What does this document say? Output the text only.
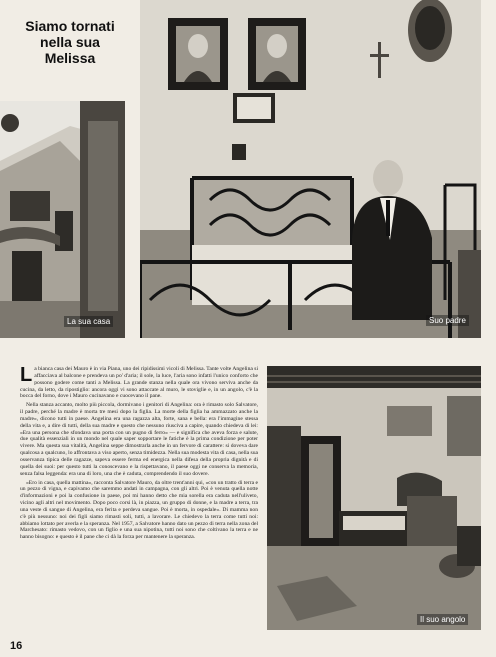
Siamo tornati
nella sua
Melissa
La sua casa	Suo padre
Il suo angolo

La bianca casa dei Mauro è in via Piana, uno dei ripidissimi vicoli di Melissa. Tante volte Angelina si affacciava al balcone e prendeva un po' d'aria; il sole, la luce, l'aria sono infatti l'unico conforto che possono godere come tanti a Melissa. La grande stanza nella quale ora vivono serviva anche da cucina, da letto, da ripostiglio: ancora oggi vi sono attaccate al muro, le stoviglie e, in un angolo, c'è la bocca del forno, dove i Mauro cucinavano e cuocevano il pane.

Nella stanza accanto, molto più piccola, dormivano i genitori di Angelina: ora è rimasto solo Salvatore, il padre, perché la madre è morta tre mesi dopo la figlia. La morte della figlia ha ammazzato anche la madre», dicono tutti in paese. Angelina era una ragazza alta, forte, sana e bella: era l'immagine stessa della vita e, a dire di tutti, della sua madre e questo che nessuno riusciva a capire, quando chiedeva di lei: «Era una persona che sfondava una porta con un pugno di ferro» — e significa che aveva forza e salute, due qualità essenziali in un mondo nel quale saper sopportare le fatiche è la prima condizione per poter vivere. Ma questa sua vitalità, Angelina seppe dimostrarla anche in un fervore di carattere: si doveva dare qualcosa a qualcuno, lo affrontava a viso aperto, senza timidezza. Nella sua modesta vita di casa, nella sua osservanza tipica delle ragazze, sapeva essere ferma ed energica nella difesa della propria dignità e di quella dei suoi: per questo tutti la conoscevano e la rispettavano, il paese oggi ne conserva la memoria, senza falsa leggenda: era una di loro, una che è caduta, comprendendo il suo dovere.

«Ero in casa, quella mattina», racconta Salvatore Mauro, da oltre trent'anni qui, «con un tratto di terra e un pezzo di vigna, e capivamo che saremmo andati in campagna, con gli altri. Poi è venuta quella notte d'informazioni e poi la confusione in paese, poi mi hanno detto che mia sorella era caduta nell'uliveto, vicino agli altri nel movimento. Dopo poco corsi là, in piazza, un gruppo di donne, e la madre a terra, tra una veste di sangue di Angelina, era ferita e perdeva sangue. Poi è morta, in ospedale». Di mamma non c'è più nessuno: noi dei figli siamo rimasti soli, tutti, a lavorare. Le chiedevo la terra come tutti noi: abbiamo lottato per averla e la speranza. Nel 1957, a Salvatore hanno dato un pezzo di terra nella zona del Marchesato: rimasto vedovo, con un figlio e una sua nipotina, tutti noi sono che coltivano la terra e ne hanno bisogno: e questo è il pane che ci dà la forza per mantenere la speranza.

16
